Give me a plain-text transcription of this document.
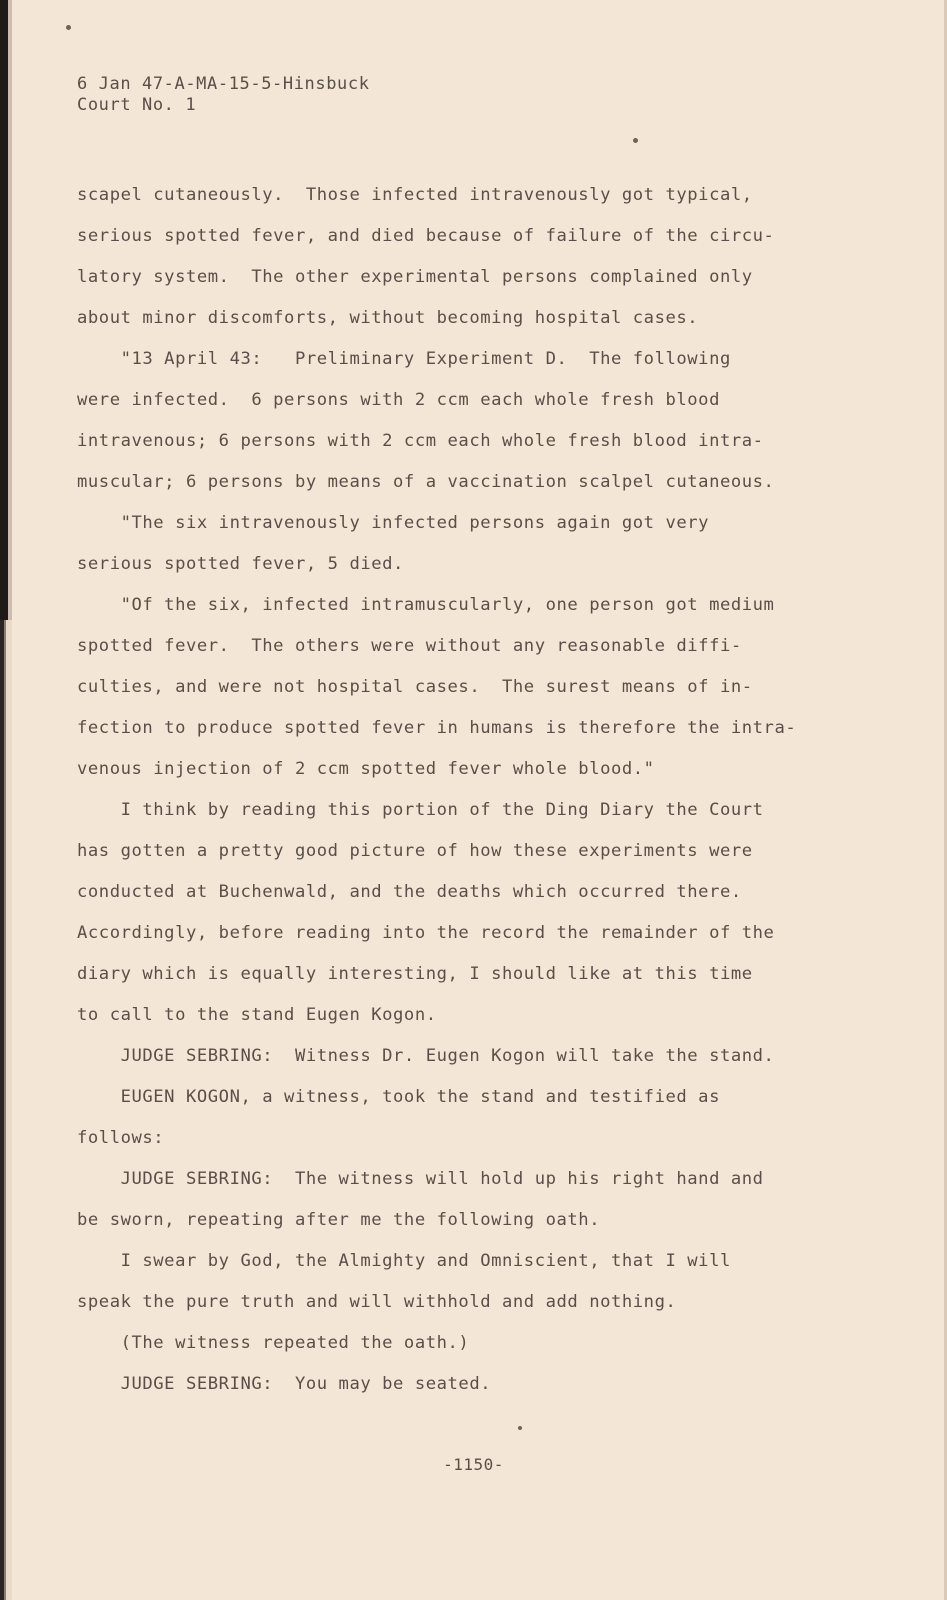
6 Jan 47-A-MA-15-5-Hinsbuck
Court No. 1
scapel cutaneously.  Those infected intravenously got typical,
serious spotted fever, and died because of failure of the circu-
latory system.  The other experimental persons complained only
about minor discomforts, without becoming hospital cases.
"13 April 43:   Preliminary Experiment D.  The following
were infected.  6 persons with 2 ccm each whole fresh blood
intravenous; 6 persons with 2 ccm each whole fresh blood intra-
muscular; 6 persons by means of a vaccination scalpel cutaneous.
"The six intravenously infected persons again got very
serious spotted fever, 5 died.
"Of the six, infected intramuscularly, one person got medium
spotted fever.  The others were without any reasonable diffi-
culties, and were not hospital cases.  The surest means of in-
fection to produce spotted fever in humans is therefore the intra-
venous injection of 2 ccm spotted fever whole blood."
I think by reading this portion of the Ding Diary the Court
has gotten a pretty good picture of how these experiments were
conducted at Buchenwald, and the deaths which occurred there.
Accordingly, before reading into the record the remainder of the
diary which is equally interesting, I should like at this time
to call to the stand Eugen Kogon.
JUDGE SEBRING:  Witness Dr. Eugen Kogon will take the stand.
EUGEN KOGON, a witness, took the stand and testified as
follows:
JUDGE SEBRING:  The witness will hold up his right hand and
be sworn, repeating after me the following oath.
I swear by God, the Almighty and Omniscient, that I will
speak the pure truth and will withhold and add nothing.
(The witness repeated the oath.)
JUDGE SEBRING:  You may be seated.
-1150-
